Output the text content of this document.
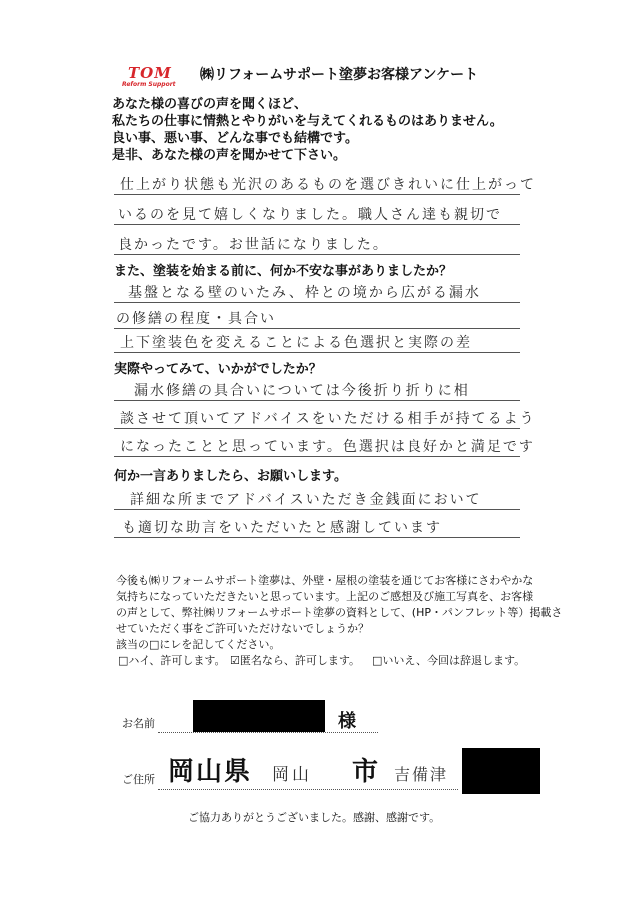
TOM
Reform Support
㈱リフォームサポート塗夢お客様アンケート
あなた様の喜びの声を聞くほど、
私たちの仕事に情熱とやりがいを与えてくれるものはありません。
良い事、悪い事、どんな事でも結構です。
是非、あなた様の声を聞かせて下さい。
仕上がり状態も光沢のあるものを選びきれいに仕上がって
いるのを見て嬉しくなりました。職人さん達も親切で
良かったです。お世話になりました。
また、塗装を始まる前に、何か不安な事がありましたか？
基盤となる壁のいたみ、枠との境から広がる漏水
の修繕の程度・具合い
上下塗装色を変えることによる色選択と実際の差
実際やってみて、いかがでしたか？
漏水修繕の具合いについては今後折り折りに相
談させて頂いてアドバイスをいただける相手が持てるよう
になったことと思っています。色選択は良好かと満足です
何か一言ありましたら、お願いします。
詳細な所までアドバイスいただき金銭面において
も適切な助言をいただいたと感謝しています
今後も㈱リフォームサポート塗夢は、外壁・屋根の塗装を通じてお客様にさわやかな
気持ちになっていただきたいと思っています。上記のご感想及び施工写真を、お客様
の声として、弊社㈱リフォームサポート塗夢の資料として、(HP・パンフレット等）掲載さ
せていただく事をご許可いただけないでしょうか？
該当の□にレを記してください。
□ハイ、許可します。 ☑匿名なら、許可します。 □いいえ、今回は辞退します。
お名前	様
ご住所 岡山県 岡山 市 吉備津
ご協力ありがとうございました。感謝、感謝です。
